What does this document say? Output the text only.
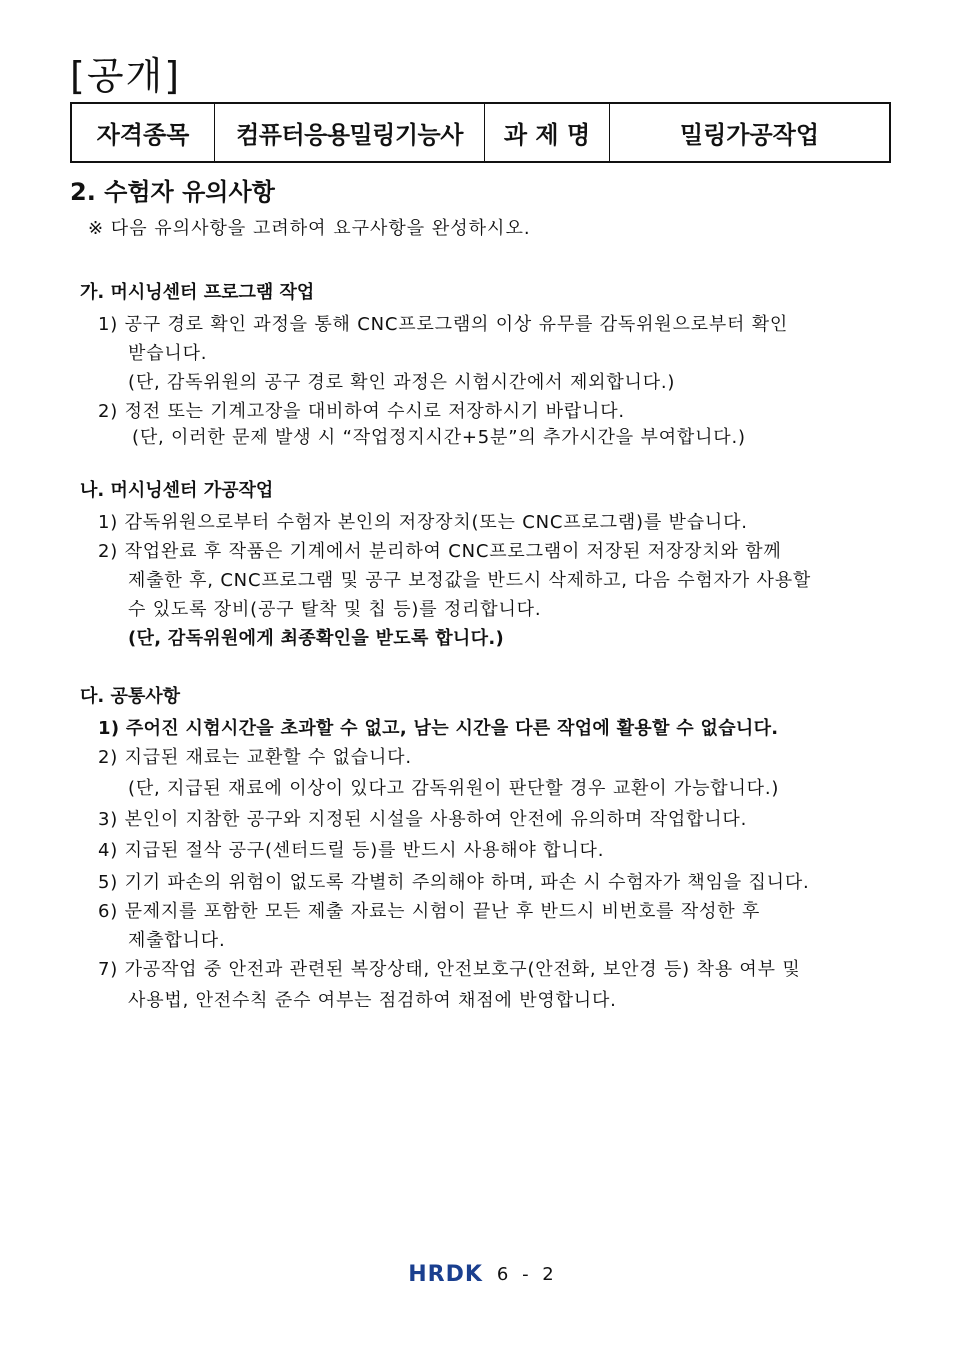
[공개]
자격종목	컴퓨터응용밀링기능사	과 제 명	밀링가공작업
2. 수험자 유의사항
※ 다음 유의사항을 고려하여 요구사항을 완성하시오.
가. 머시닝센터 프로그램 작업
1) 공구 경로 확인 과정을 통해 CNC프로그램의 이상 유무를 감독위원으로부터 확인
받습니다.
(단, 감독위원의 공구 경로 확인 과정은 시험시간에서 제외합니다.)
2) 정전 또는 기계고장을 대비하여 수시로 저장하시기 바랍니다.
(단, 이러한 문제 발생 시 “작업정지시간+5분”의 추가시간을 부여합니다.)
나. 머시닝센터 가공작업
1) 감독위원으로부터 수험자 본인의 저장장치(또는 CNC프로그램)를 받습니다.
2) 작업완료 후 작품은 기계에서 분리하여 CNC프로그램이 저장된 저장장치와 함께
제출한 후, CNC프로그램 및 공구 보정값을 반드시 삭제하고, 다음 수험자가 사용할
수 있도록 장비(공구 탈착 및 칩 등)를 정리합니다.
(단, 감독위원에게 최종확인을 받도록 합니다.)
다. 공통사항
1) 주어진 시험시간을 초과할 수 없고, 남는 시간을 다른 작업에 활용할 수 없습니다.
2) 지급된 재료는 교환할 수 없습니다.
(단, 지급된 재료에 이상이 있다고 감독위원이 판단할 경우 교환이 가능합니다.)
3) 본인이 지참한 공구와 지정된 시설을 사용하여 안전에 유의하며 작업합니다.
4) 지급된 절삭 공구(센터드릴 등)를 반드시 사용해야 합니다.
5) 기기 파손의 위험이 없도록 각별히 주의해야 하며, 파손 시 수험자가 책임을 집니다.
6) 문제지를 포함한 모든 제출 자료는 시험이 끝난 후 반드시 비번호를 작성한 후
제출합니다.
7) 가공작업 중 안전과 관련된 복장상태, 안전보호구(안전화, 보안경 등) 착용 여부 및
사용법, 안전수칙 준수 여부는 점검하여 채점에 반영합니다.
HRDK 6 - 2
